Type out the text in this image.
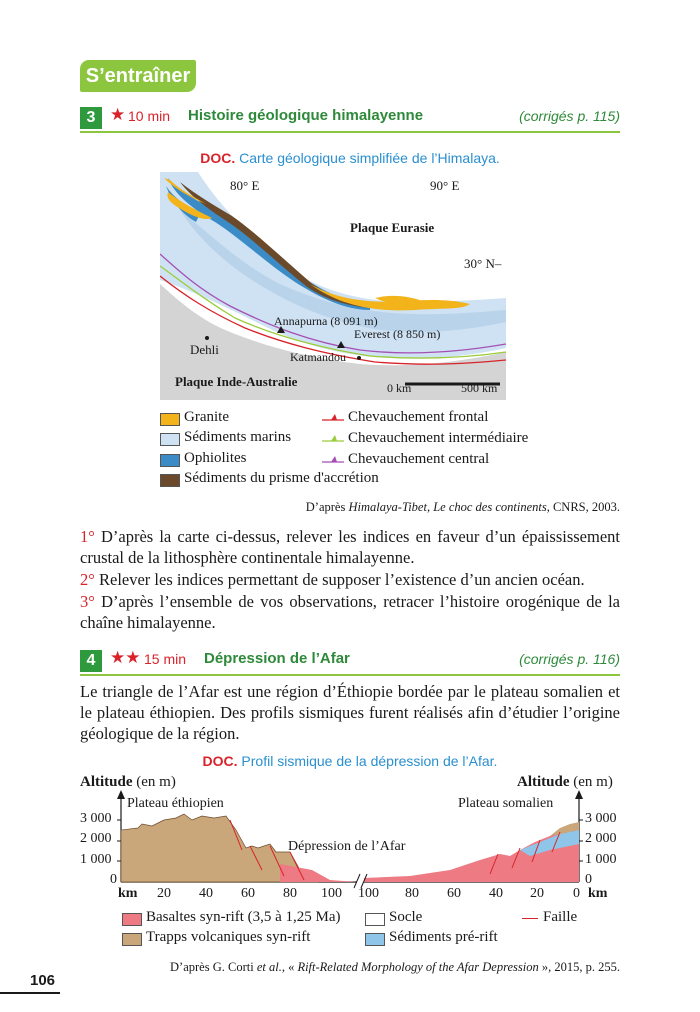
S’entraîner
3 ★ 10 min Histoire géologique himalayenne	(corrigés p. 115)
DOC. Carte géologique simplifiée de l’Himalaya.
80° E	90° E
Plaque Eurasie
30° N–
Annapurna (8 091 m)
Everest (8 850 m)
Dehli	Katmandou
Plaque Inde-Australie	0 km	500 km
Granite
Sédiments marins
Ophiolites
Sédiments du prisme d'accrétion
Chevauchement frontal
Chevauchement intermédiaire
Chevauchement central
D’après Himalaya-Tibet, Le choc des continents, CNRS, 2003.
1° D’après la carte ci-dessus, relever les indices en faveur d’un épaississement crustal de la lithosphère continentale himalayenne.
2° Relever les indices permettant de supposer l’existence d’un ancien océan.
3° D’après l’ensemble de vos observations, retracer l’histoire orogénique de la chaîne himalayenne.
4 ★★ 15 min Dépression de l’Afar	(corrigés p. 116)
Le triangle de l’Afar est une région d’Éthiopie bordée par le plateau somalien et le plateau éthiopien. Des profils sismiques furent réalisés afin d’étudier l’origine géologique de la région.
DOC. Profil sismique de la dépression de l’Afar.
Altitude (en m)	Altitude (en m)
Plateau éthiopien	Plateau somalien
Dépression de l’Afar
3 000
2 000
1 000
0
3 000
2 000
1 000
0
km 20 40 60 80 100 100 80 60 40 20 0 km
Basaltes syn-rift (3,5 à 1,25 Ma)
Trapps volcaniques syn-rift
Socle
Sédiments pré-rift
Faille
D’après G. Corti et al., « Rift-Related Morphology of the Afar Depression », 2015, p. 255.
106
